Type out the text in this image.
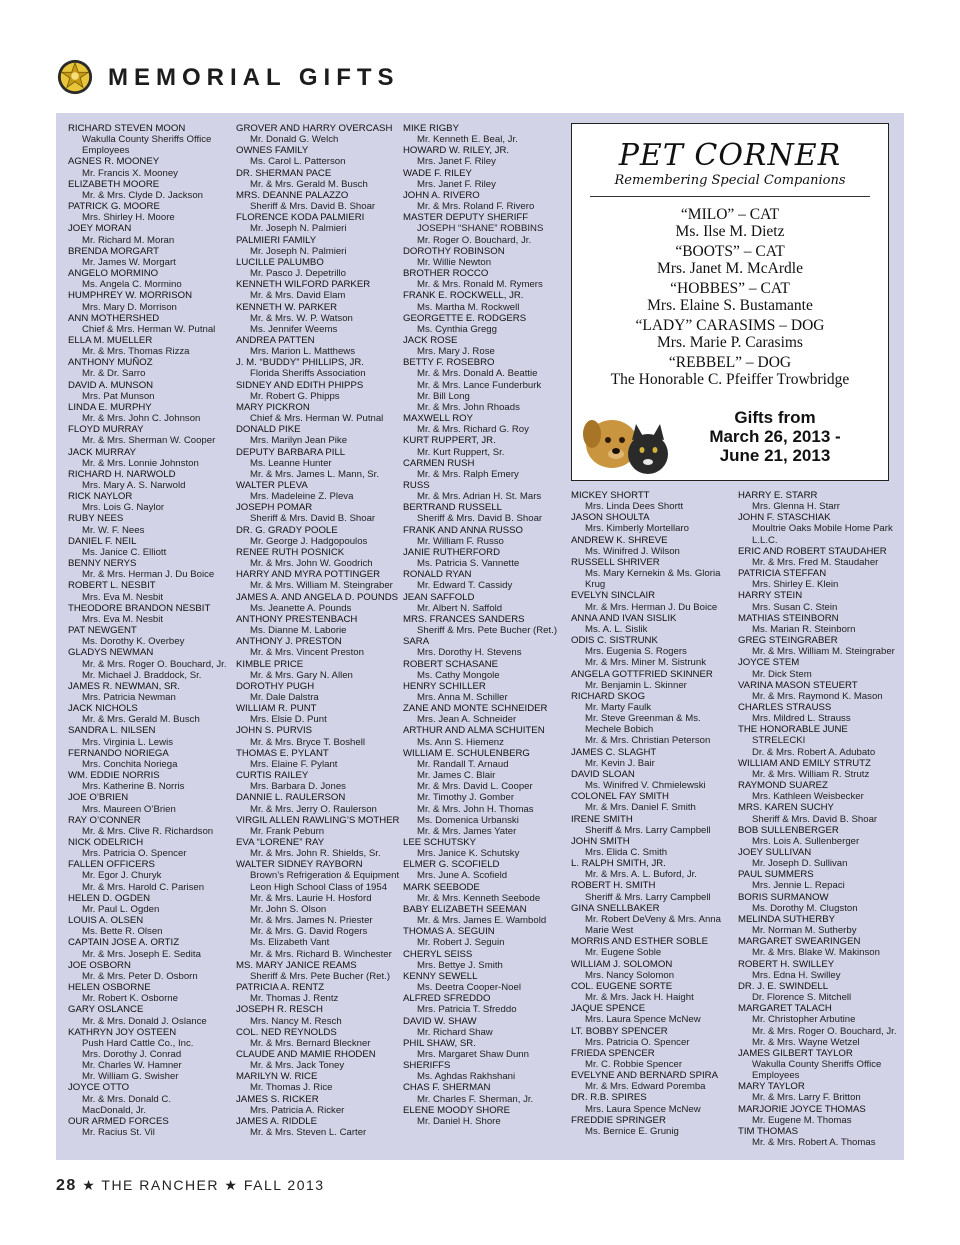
MEMORIAL GIFTS
RICHARD STEVEN MOON
Wakulla County Sheriffs Office
Employees
AGNES R. MOONEY
Mr. Francis X. Mooney
ELIZABETH MOORE
Mr. & Mrs. Clyde D. Jackson
PATRICK G. MOORE
Mrs. Shirley H. Moore
JOEY MORAN
Mr. Richard M. Moran
BRENDA MORGART
Mr. James W. Morgart
ANGELO MORMINO
Ms. Angela C. Mormino
HUMPHREY W. MORRISON
Mrs. Mary D. Morrison
ANN MOTHERSHED
Chief & Mrs. Herman W. Putnal
ELLA M. MUELLER
Mr. & Mrs. Thomas Rizza
ANTHONY MUÑOZ
Mr. & Dr. Sarro
DAVID A. MUNSON
Mrs. Pat Munson
LINDA E. MURPHY
Mr. & Mrs. John C. Johnson
FLOYD MURRAY
Mr. & Mrs. Sherman W. Cooper
JACK MURRAY
Mr. & Mrs. Lonnie Johnston
RICHARD H. NARWOLD
Mrs. Mary A. S. Narwold
RICK NAYLOR
Mrs. Lois G. Naylor
RUBY NEES
Mr. W. F. Nees
DANIEL F. NEIL
Ms. Janice C. Elliott
BENNY NERYS
Mr. & Mrs. Herman J. Du Boice
ROBERT L. NESBIT
Mrs. Eva M. Nesbit
THEODORE BRANDON NESBIT
Mrs. Eva M. Nesbit
PAT NEWGENT
Ms. Dorothy K. Overbey
GLADYS NEWMAN
Mr. & Mrs. Roger O. Bouchard, Jr.
Mr. Michael J. Braddock, Sr.
JAMES R. NEWMAN, SR.
Mrs. Patricia Newman
JACK NICHOLS
Mr. & Mrs. Gerald M. Busch
SANDRA L. NILSEN
Mrs. Virginia L. Lewis
FERNANDO NORIEGA
Mrs. Conchita Noriega
WM. EDDIE NORRIS
Mrs. Katherine B. Norris
JOE O’BRIEN
Mrs. Maureen O’Brien
RAY O’CONNER
Mr. & Mrs. Clive R. Richardson
NICK ODELRICH
Mrs. Patricia O. Spencer
FALLEN OFFICERS
Mr. Egor J. Churyk
Mr. & Mrs. Harold C. Parisen
HELEN D. OGDEN
Mr. Paul L. Ogden
LOUIS A. OLSEN
Ms. Bette R. Olsen
CAPTAIN JOSE A. ORTIZ
Mr. & Mrs. Joseph E. Sedita
JOE OSBORN
Mr. & Mrs. Peter D. Osborn
HELEN OSBORNE
Mr. Robert K. Osborne
GARY OSLANCE
Mr. & Mrs. Donald J. Oslance
KATHRYN JOY OSTEEN
Push Hard Cattle Co., Inc.
Mrs. Dorothy J. Conrad
Mr. Charles W. Hamner
Mr. William G. Swisher
JOYCE OTTO
Mr. & Mrs. Donald C.
MacDonald, Jr.
OUR ARMED FORCES
Mr. Racius St. Vil
GROVER AND HARRY OVERCASH
Mr. Donald G. Welch
OWNES FAMILY
Ms. Carol L. Patterson
DR. SHERMAN PACE
Mr. & Mrs. Gerald M. Busch
MRS. DEANNE PALAZZO
Sheriff & Mrs. David B. Shoar
FLORENCE KODA PALMIERI
Mr. Joseph N. Palmieri
PALMIERI FAMILY
Mr. Joseph N. Palmieri
LUCILLE PALUMBO
Mr. Pasco J. Depetrillo
KENNETH WILFORD PARKER
Mr. & Mrs. David Elam
KENNETH W. PARKER
Mr. & Mrs. W. P. Watson
Ms. Jennifer Weems
ANDREA PATTEN
Mrs. Marion L. Matthews
J. M. “BUDDY” PHILLIPS, JR.
Florida Sheriffs Association
SIDNEY AND EDITH PHIPPS
Mr. Robert G. Phipps
MARY PICKRON
Chief & Mrs. Herman W. Putnal
DONALD PIKE
Mrs. Marilyn Jean Pike
DEPUTY BARBARA PILL
Ms. Leanne Hunter
Mr. & Mrs. James L. Mann, Sr.
WALTER PLEVA
Mrs. Madeleine Z. Pleva
JOSEPH POMAR
Sheriff & Mrs. David B. Shoar
DR. G. GRADY POOLE
Mr. George J. Hadgopoulos
RENEE RUTH POSNICK
Mr. & Mrs. John W. Goodrich
HARRY AND MYRA POTTINGER
Mr. & Mrs. William M. Steingraber
JAMES A. AND ANGELA D. POUNDS
Ms. Jeanette A. Pounds
ANTHONY PRESTENBACH
Ms. Dianne M. Laborie
ANTHONY J. PRESTON
Mr. & Mrs. Vincent Preston
KIMBLE PRICE
Mr. & Mrs. Gary N. Allen
DOROTHY PUGH
Mr. Dale Dalstra
WILLIAM R. PUNT
Mrs. Elsie D. Punt
JOHN S. PURVIS
Mr. & Mrs. Bryce T. Boshell
THOMAS E. PYLANT
Mrs. Elaine F. Pylant
CURTIS RAILEY
Mrs. Barbara D. Jones
DANNIE L. RAULERSON
Mr. & Mrs. Jerry O. Raulerson
VIRGIL ALLEN RAWLING’S MOTHER
Mr. Frank Peburn
EVA “LORENE” RAY
Mr. & Mrs. John R. Shields, Sr.
WALTER SIDNEY RAYBORN
Brown’s Refrigeration & Equipment
Leon High School Class of 1954
Mr. & Mrs. Laurie H. Hosford
Mr. John S. Olson
Mr. & Mrs. James N. Priester
Mr. & Mrs. G. David Rogers
Ms. Elizabeth Vant
Mr. & Mrs. Richard B. Winchester
MS. MARY JANICE REAMS
Sheriff & Mrs. Pete Bucher (Ret.)
PATRICIA A. RENTZ
Mr. Thomas J. Rentz
JOSEPH R. RESCH
Mrs. Nancy M. Resch
COL. NED REYNOLDS
Mr. & Mrs. Bernard Bleckner
CLAUDE AND MAMIE RHODEN
Mr. & Mrs. Jack Toney
MARILYN W. RICE
Mr. Thomas J. Rice
JAMES S. RICKER
Mrs. Patricia A. Ricker
JAMES A. RIDDLE
Mr. & Mrs. Steven L. Carter
MIKE RIGBY
Mr. Kenneth E. Beal, Jr.
HOWARD W. RILEY, JR.
Mrs. Janet F. Riley
WADE F. RILEY
Mrs. Janet F. Riley
JOHN A. RIVERO
Mr. & Mrs. Roland F. Rivero
MASTER DEPUTY SHERIFF
JOSEPH “SHANE” ROBBINS
Mr. Roger O. Bouchard, Jr.
DOROTHY ROBINSON
Mr. Willie Newton
BROTHER ROCCO
Mr. & Mrs. Ronald M. Rymers
FRANK E. ROCKWELL, JR.
Ms. Martha M. Rockwell
GEORGETTE E. RODGERS
Ms. Cynthia Gregg
JACK ROSE
Mrs. Mary J. Rose
BETTY F. ROSEBRO
Mr. & Mrs. Donald A. Beattie
Mr. & Mrs. Lance Funderburk
Mr. Bill Long
Mr. & Mrs. John Rhoads
MAXWELL ROY
Mr. & Mrs. Richard G. Roy
KURT RUPPERT, JR.
Mr. Kurt Ruppert, Sr.
CARMEN RUSH
Mr. & Mrs. Ralph Emery
RUSS
Mr. & Mrs. Adrian H. St. Mars
BERTRAND RUSSELL
Sheriff & Mrs. David B. Shoar
FRANK AND ANNA RUSSO
Mr. William F. Russo
JANIE RUTHERFORD
Ms. Patricia S. Vannette
RONALD RYAN
Mr. Edward T. Cassidy
JEAN SAFFOLD
Mr. Albert N. Saffold
MRS. FRANCES SANDERS
Sheriff & Mrs. Pete Bucher (Ret.)
SARA
Mrs. Dorothy H. Stevens
ROBERT SCHASANE
Ms. Cathy Mongole
HENRY SCHILLER
Mrs. Anna M. Schiller
ZANE AND MONTE SCHNEIDER
Mrs. Jean A. Schneider
ARTHUR AND ALMA SCHUITEN
Ms. Ann S. Hiemenz
WILLIAM E. SCHULENBERG
Mr. Randall T. Arnaud
Mr. James C. Blair
Mr. & Mrs. David L. Cooper
Mr. Timothy J. Gomber
Mr. & Mrs. John H. Thomas
Ms. Domenica Urbanski
Mr. & Mrs. James Yater
LEE SCHUTSKY
Mrs. Janice K. Schutsky
ELMER G. SCOFIELD
Mrs. June A. Scofield
MARK SEEBODE
Mr. & Mrs. Kenneth Seebode
BABY ELIZABETH SEEMAN
Mr. & Mrs. James E. Wambold
THOMAS A. SEGUIN
Mr. Robert J. Seguin
CHERYL SEISS
Mrs. Bettye J. Smith
KENNY SEWELL
Ms. Deetra Cooper-Noel
ALFRED SFREDDO
Mrs. Patricia T. Sfreddo
DAVID W. SHAW
Mr. Richard Shaw
PHIL SHAW, SR.
Mrs. Margaret Shaw Dunn
SHERIFFS
Ms. Aghdas Rakhshani
CHAS F. SHERMAN
Mr. Charles F. Sherman, Jr.
ELENE MOODY SHORE
Mr. Daniel H. Shore
MICKEY SHORTT
Mrs. Linda Dees Shortt
JASON SHOULTA
Mrs. Kimberly Mortellaro
ANDREW K. SHREVE
Ms. Winifred J. Wilson
RUSSELL SHRIVER
Ms. Mary Kernekin & Ms. Gloria
Krug
EVELYN SINCLAIR
Mr. & Mrs. Herman J. Du Boice
ANNA AND IVAN SISLIK
Ms. A. L. Sislik
ODIS C. SISTRUNK
Mrs. Eugenia S. Rogers
Mr. & Mrs. Miner M. Sistrunk
ANGELA GOTTFRIED SKINNER
Mr. Benjamin L. Skinner
RICHARD SKOG
Mr. Marty Faulk
Mr. Steve Greenman & Ms.
Mechele Bobich
Mr. & Mrs. Christian Peterson
JAMES C. SLAGHT
Mr. Kevin J. Bair
DAVID SLOAN
Ms. Winifred V. Chmielewski
COLONEL FAY SMITH
Mr. & Mrs. Daniel F. Smith
IRENE SMITH
Sheriff & Mrs. Larry Campbell
JOHN SMITH
Mrs. Elida C. Smith
L. RALPH SMITH, JR.
Mr. & Mrs. A. L. Buford, Jr.
ROBERT H. SMITH
Sheriff & Mrs. Larry Campbell
GINA SNELLBAKER
Mr. Robert DeVeny & Mrs. Anna
Marie West
MORRIS AND ESTHER SOBLE
Mr. Eugene Soble
WILLIAM J. SOLOMON
Mrs. Nancy Solomon
COL. EUGENE SORTE
Mr. & Mrs. Jack H. Haight
JAQUE SPENCE
Mrs. Laura Spence McNew
LT. BOBBY SPENCER
Mrs. Patricia O. Spencer
FRIEDA SPENCER
Mr. C. Robbie Spencer
EVELYNE AND BERNARD SPIRA
Mr. & Mrs. Edward Poremba
DR. R.B. SPIRES
Mrs. Laura Spence McNew
FREDDIE SPRINGER
Ms. Bernice E. Grunig
HARRY E. STARR
Mrs. Glenna H. Starr
JOHN F. STASCHIAK
Moultrie Oaks Mobile Home Park
L.L.C.
ERIC AND ROBERT STAUDAHER
Mr. & Mrs. Fred M. Staudaher
PATRICIA STEFFAN
Mrs. Shirley E. Klein
HARRY STEIN
Mrs. Susan C. Stein
MATHIAS STEINBORN
Ms. Marian R. Steinborn
GREG STEINGRABER
Mr. & Mrs. William M. Steingraber
JOYCE STEM
Mr. Dick Stem
VARINA MASON STEUERT
Mr. & Mrs. Raymond K. Mason
CHARLES STRAUSS
Mrs. Mildred L. Strauss
THE HONORABLE JUNE
STRELECKI
Dr. & Mrs. Robert A. Adubato
WILLIAM AND EMILY STRUTZ
Mr. & Mrs. William R. Strutz
RAYMOND SUAREZ
Mrs. Kathleen Weisbecker
MRS. KAREN SUCHY
Sheriff & Mrs. David B. Shoar
BOB SULLENBERGER
Mrs. Lois A. Sullenberger
JOEY SULLIVAN
Mr. Joseph D. Sullivan
PAUL SUMMERS
Mrs. Jennie L. Repaci
BORIS SURMANOW
Ms. Dorothy M. Clugston
MELINDA SUTHERBY
Mr. Norman M. Sutherby
MARGARET SWEARINGEN
Mr. & Mrs. Blake W. Makinson
ROBERT H. SWILLEY
Mrs. Edna H. Swilley
DR. J. E. SWINDELL
Dr. Florence S. Mitchell
MARGARET TALACH
Mr. Christopher Arbutine
Mr. & Mrs. Roger O. Bouchard, Jr.
Mr. & Mrs. Wayne Wetzel
JAMES GILBERT TAYLOR
Wakulla County Sheriffs Office
Employees
MARY TAYLOR
Mr. & Mrs. Larry F. Britton
MARJORIE JOYCE THOMAS
Mr. Eugene M. Thomas
TIM THOMAS
Mr. & Mrs. Robert A. Thomas
PET CORNER
Remembering Special Companions
“MILO” – CAT
Ms. Ilse M. Dietz
“BOOTS” – CAT
Mrs. Janet M. McArdle
“HOBBES” – CAT
Mrs. Elaine S. Bustamante
“LADY” CARASIMS – DOG
Mrs. Marie P. Carasims
“REBBEL” – DOG
The Honorable C. Pfeiffer Trowbridge
Gifts from
March 26, 2013 -
June 21, 2013
28 ★ THE RANCHER ★ FALL 2013
